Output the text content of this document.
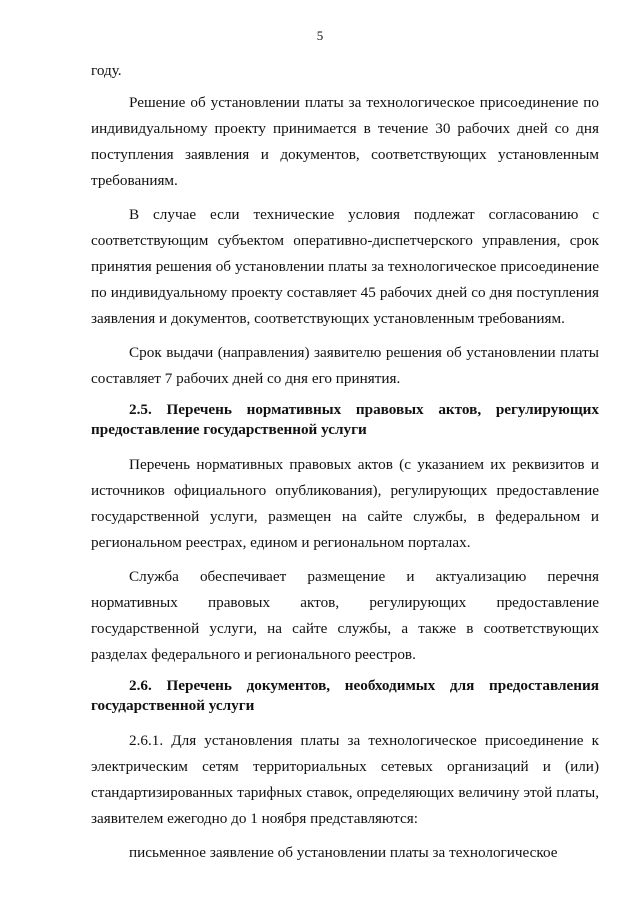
5

году.

Решение об установлении платы за технологическое присоединение по индивидуальному проекту принимается в течение 30 рабочих дней со дня поступления заявления и документов, соответствующих установленным требованиям.

В случае если технические условия подлежат согласованию с соответствующим субъектом оперативно-диспетчерского управления, срок принятия решения об установлении платы за технологическое присоединение по индивидуальному проекту составляет 45 рабочих дней со дня поступления заявления и документов, соответствующих установленным требованиям.

Срок выдачи (направления) заявителю решения об установлении платы составляет 7 рабочих дней со дня его принятия.

2.5. Перечень нормативных правовых актов, регулирующих предоставление государственной услуги

Перечень нормативных правовых актов (с указанием их реквизитов и источников официального опубликования), регулирующих предоставление государственной услуги, размещен на сайте службы, в федеральном и региональном реестрах, едином и региональном порталах.

Служба обеспечивает размещение и актуализацию перечня нормативных правовых актов, регулирующих предоставление государственной услуги, на сайте службы, а также в соответствующих разделах федерального и регионального реестров.

2.6. Перечень документов, необходимых для предоставления государственной услуги

2.6.1. Для установления платы за технологическое присоединение к электрическим сетям территориальных сетевых организаций и (или) стандартизированных тарифных ставок, определяющих величину этой платы, заявителем ежегодно до 1 ноября представляются:

письменное заявление об установлении платы за технологическое
